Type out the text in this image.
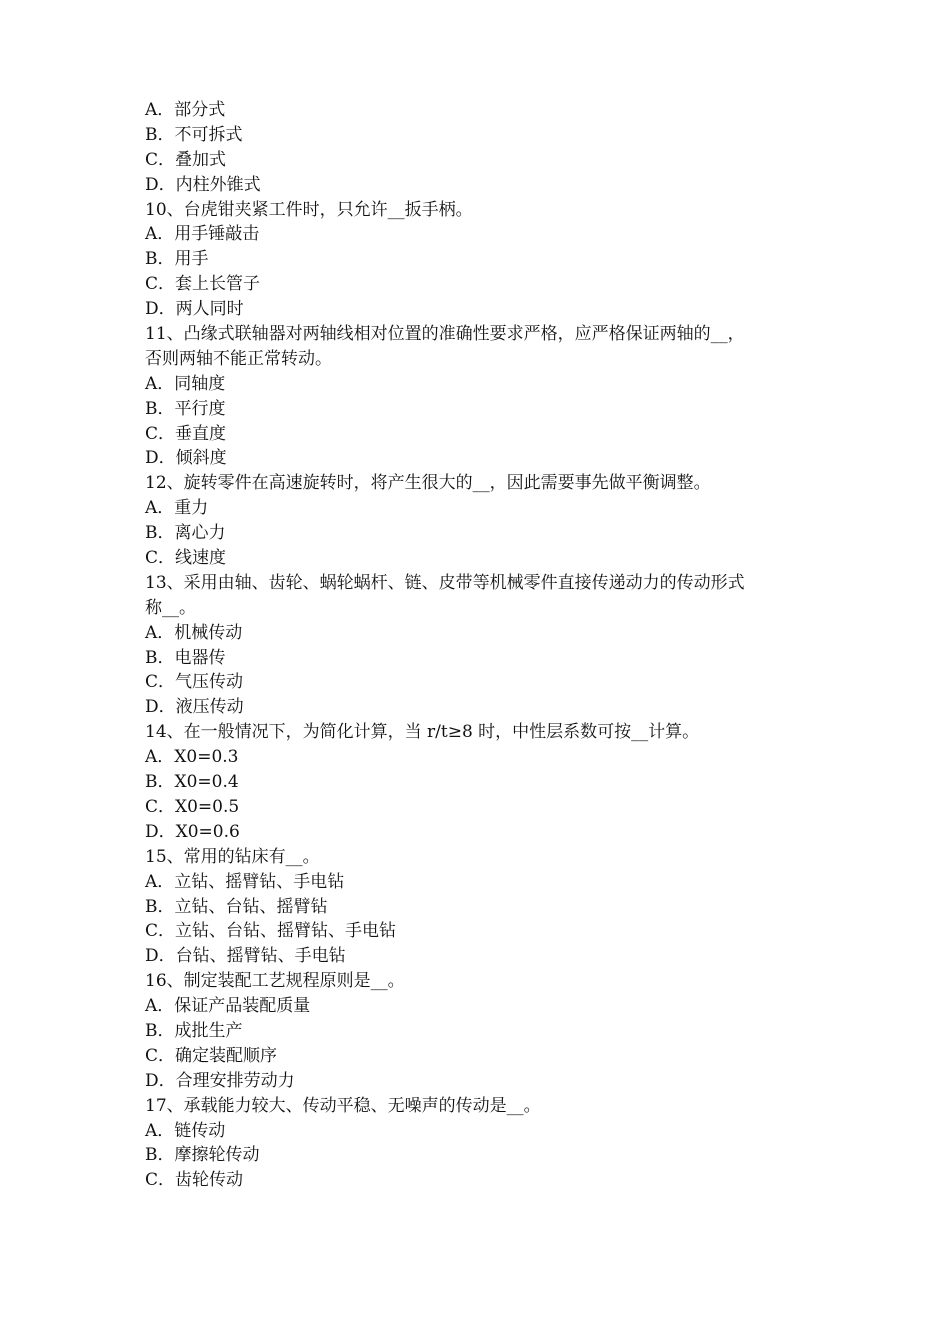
A．部分式
B．不可拆式
C．叠加式
D．内柱外锥式
10、台虎钳夹紧工件时，只允许__扳手柄。
A．用手锤敲击
B．用手
C．套上长管子
D．两人同时
11、凸缘式联轴器对两轴线相对位置的准确性要求严格，应严格保证两轴的__，
否则两轴不能正常转动。
A．同轴度
B．平行度
C．垂直度
D．倾斜度
12、旋转零件在高速旋转时，将产生很大的__，因此需要事先做平衡调整。
A．重力
B．离心力
C．线速度
13、采用由轴、齿轮、蜗轮蜗杆、链、皮带等机械零件直接传递动力的传动形式
称__。
A．机械传动
B．电器传
C．气压传动
D．液压传动
14、在一般情况下，为简化计算，当 r/t≥8 时，中性层系数可按__计算。
A．X0=0.3
B．X0=0.4
C．X0=0.5
D．X0=0.6
15、常用的钻床有__。
A．立钻、摇臂钻、手电钻
B．立钻、台钻、摇臂钻
C．立钻、台钻、摇臂钻、手电钻
D．台钻、摇臂钻、手电钻
16、制定装配工艺规程原则是__。
A．保证产品装配质量
B．成批生产
C．确定装配顺序
D．合理安排劳动力
17、承载能力较大、传动平稳、无噪声的传动是__。
A．链传动
B．摩擦轮传动
C．齿轮传动
